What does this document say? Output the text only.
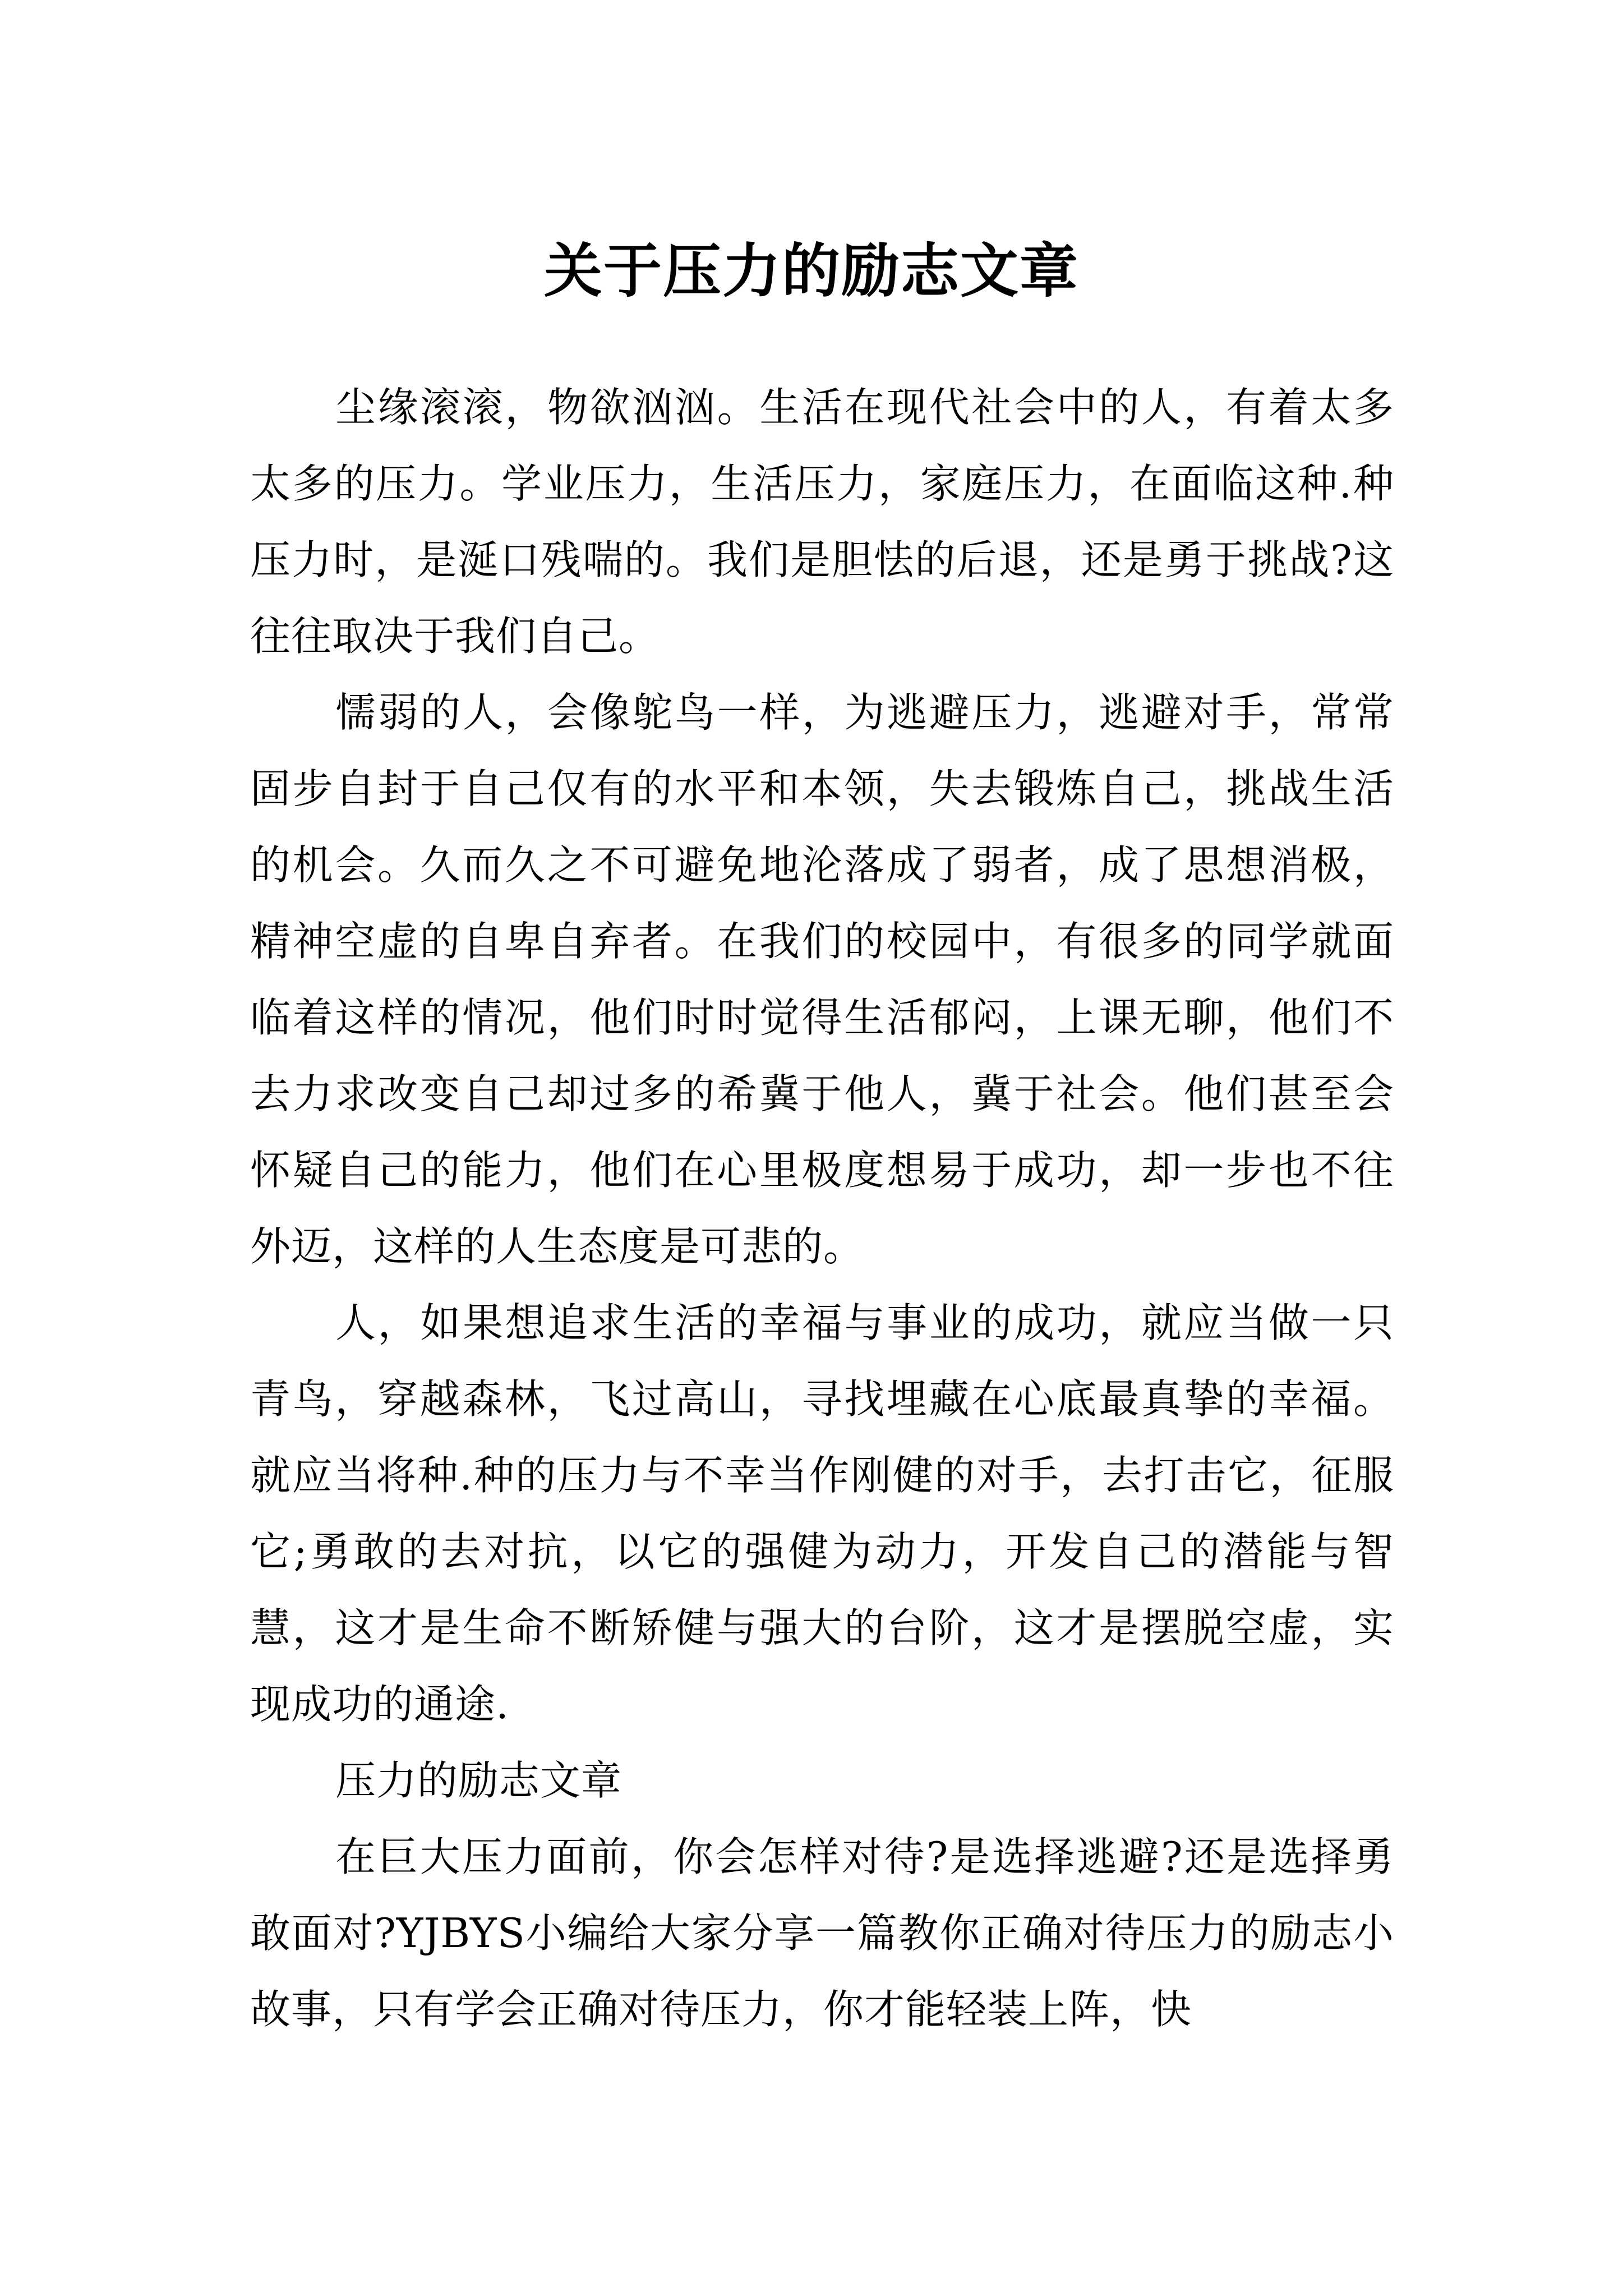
关于压力的励志文章

尘缘滚滚，物欲汹汹。生活在现代社会中的人，有着太多太多的压力。学业压力，生活压力，家庭压力，在面临这种.种压力时，是涎口残喘的。我们是胆怯的后退，还是勇于挑战?这往往取决于我们自己。

懦弱的人，会像鸵鸟一样，为逃避压力，逃避对手，常常固步自封于自己仅有的水平和本领，失去锻炼自己，挑战生活的机会。久而久之不可避免地沦落成了弱者，成了思想消极，精神空虚的自卑自弃者。在我们的校园中，有很多的同学就面临着这样的情况，他们时时觉得生活郁闷，上课无聊，他们不去力求改变自己却过多的希冀于他人，冀于社会。他们甚至会怀疑自己的能力，他们在心里极度想易于成功，却一步也不往外迈，这样的人生态度是可悲的。

人，如果想追求生活的幸福与事业的成功，就应当做一只青鸟，穿越森林，飞过高山，寻找埋藏在心底最真挚的幸福。就应当将种.种的压力与不幸当作刚健的对手，去打击它，征服它;勇敢的去对抗，以它的强健为动力，开发自己的潜能与智慧，这才是生命不断矫健与强大的台阶，这才是摆脱空虚，实现成功的通途.

压力的励志文章

在巨大压力面前，你会怎样对待?是选择逃避?还是选择勇敢面对?YJBYS小编给大家分享一篇教你正确对待压力的励志小故事，只有学会正确对待压力，你才能轻装上阵，快
